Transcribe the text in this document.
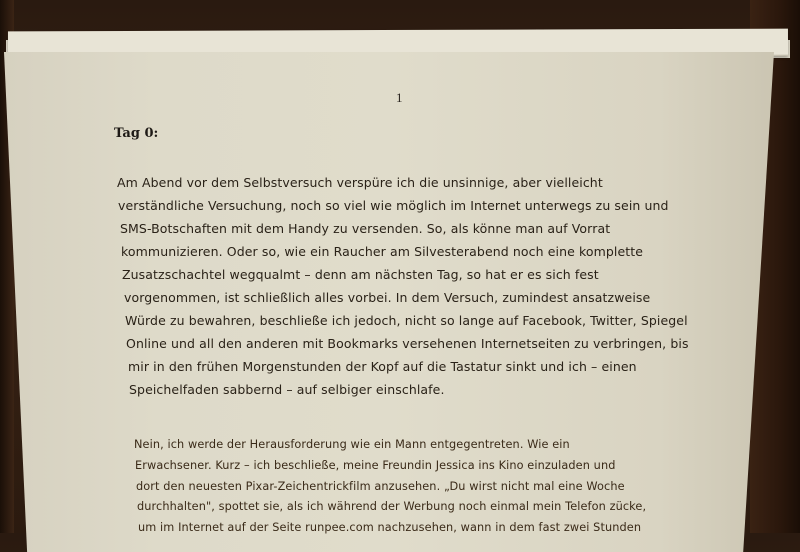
1
Tag 0:
Am Abend vor dem Selbstversuch verspüre ich die unsinnige, aber vielleicht
verständliche Versuchung, noch so viel wie möglich im Internet unterwegs zu sein und
SMS-Botschaften mit dem Handy zu versenden. So, als könne man auf Vorrat
kommunizieren. Oder so, wie ein Raucher am Silvesterabend noch eine komplette
Zusatzschachtel wegqualmt – denn am nächsten Tag, so hat er es sich fest
vorgenommen, ist schließlich alles vorbei. In dem Versuch, zumindest ansatzweise
Würde zu bewahren, beschließe ich jedoch, nicht so lange auf Facebook, Twitter, Spiegel
Online und all den anderen mit Bookmarks versehenen Internetseiten zu verbringen, bis
mir in den frühen Morgenstunden der Kopf auf die Tastatur sinkt und ich – einen
Speichelfaden sabbernd – auf selbiger einschlafe.
Nein, ich werde der Herausforderung wie ein Mann entgegentreten. Wie ein
Erwachsener. Kurz – ich beschließe, meine Freundin Jessica ins Kino einzuladen und
dort den neuesten Pixar-Zeichentrickfilm anzusehen. „Du wirst nicht mal eine Woche
durchhalten", spottet sie, als ich während der Werbung noch einmal mein Telefon zücke,
um im Internet auf der Seite runpee.com nachzusehen, wann in dem fast zwei Stunden
